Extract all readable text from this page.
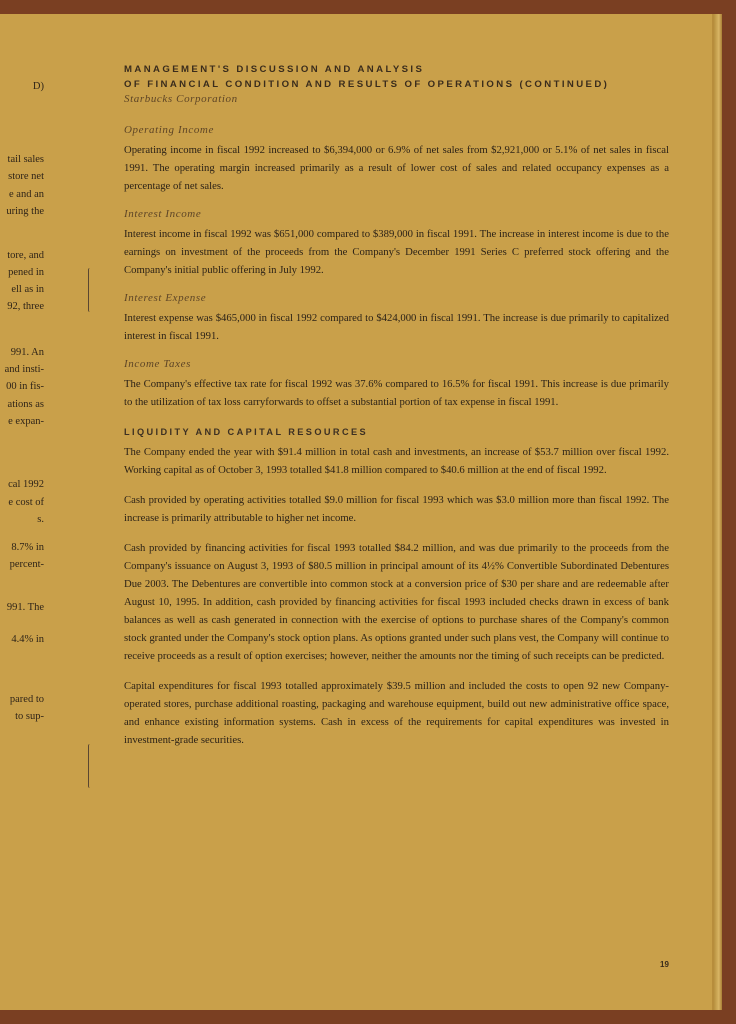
D)
tail sales
store net
e and an
uring the
tore, and
pened in
ell as in
92, three
991. An
and insti-
00 in fis-
ations as
e expan-
cal 1992
e cost of
s.
8.7% in
percent-
991. The
4.4% in
pared to
to sup-

MANAGEMENT'S DISCUSSION AND ANALYSIS

OF FINANCIAL CONDITION AND RESULTS OF OPERATIONS (CONTINUED)

Starbucks Corporation

Operating Income

Operating income in fiscal 1992 increased to $6,394,000 or 6.9% of net sales from $2,921,000 or 5.1% of net sales in fiscal 1991. The operating margin increased primarily as a result of lower cost of sales and related occupancy expenses as a percentage of net sales.

Interest Income

Interest income in fiscal 1992 was $651,000 compared to $389,000 in fiscal 1991. The increase in interest income is due to the earnings on investment of the proceeds from the Company's December 1991 Series C preferred stock offering and the Company's initial public offering in July 1992.

Interest Expense

Interest expense was $465,000 in fiscal 1992 compared to $424,000 in fiscal 1991. The increase is due primarily to capitalized interest in fiscal 1991.

Income Taxes

The Company's effective tax rate for fiscal 1992 was 37.6% compared to 16.5% for fiscal 1991. This increase is due primarily to the utilization of tax loss carryforwards to offset a substantial portion of tax expense in fiscal 1991.

LIQUIDITY AND CAPITAL RESOURCES

The Company ended the year with $91.4 million in total cash and investments, an increase of $53.7 million over fiscal 1992. Working capital as of October 3, 1993 totalled $41.8 million compared to $40.6 million at the end of fiscal 1992.

Cash provided by operating activities totalled $9.0 million for fiscal 1993 which was $3.0 million more than fiscal 1992. The increase is primarily attributable to higher net income.

Cash provided by financing activities for fiscal 1993 totalled $84.2 million, and was due primarily to the proceeds from the Company's issuance on August 3, 1993 of $80.5 million in principal amount of its 4½% Convertible Subordinated Debentures Due 2003. The Debentures are convertible into common stock at a conversion price of $30 per share and are redeemable after August 10, 1995. In addition, cash provided by financing activities for fiscal 1993 included checks drawn in excess of bank balances as well as cash generated in connection with the exercise of options to purchase shares of the Company's common stock granted under the Company's stock option plans. As options granted under such plans vest, the Company will continue to receive proceeds as a result of option exercises; however, neither the amounts nor the timing of such receipts can be predicted.

Capital expenditures for fiscal 1993 totalled approximately $39.5 million and included the costs to open 92 new Company-operated stores, purchase additional roasting, packaging and warehouse equipment, build out new administrative office space, and enhance existing information systems. Cash in excess of the requirements for capital expenditures was invested in investment-grade securities.

19
